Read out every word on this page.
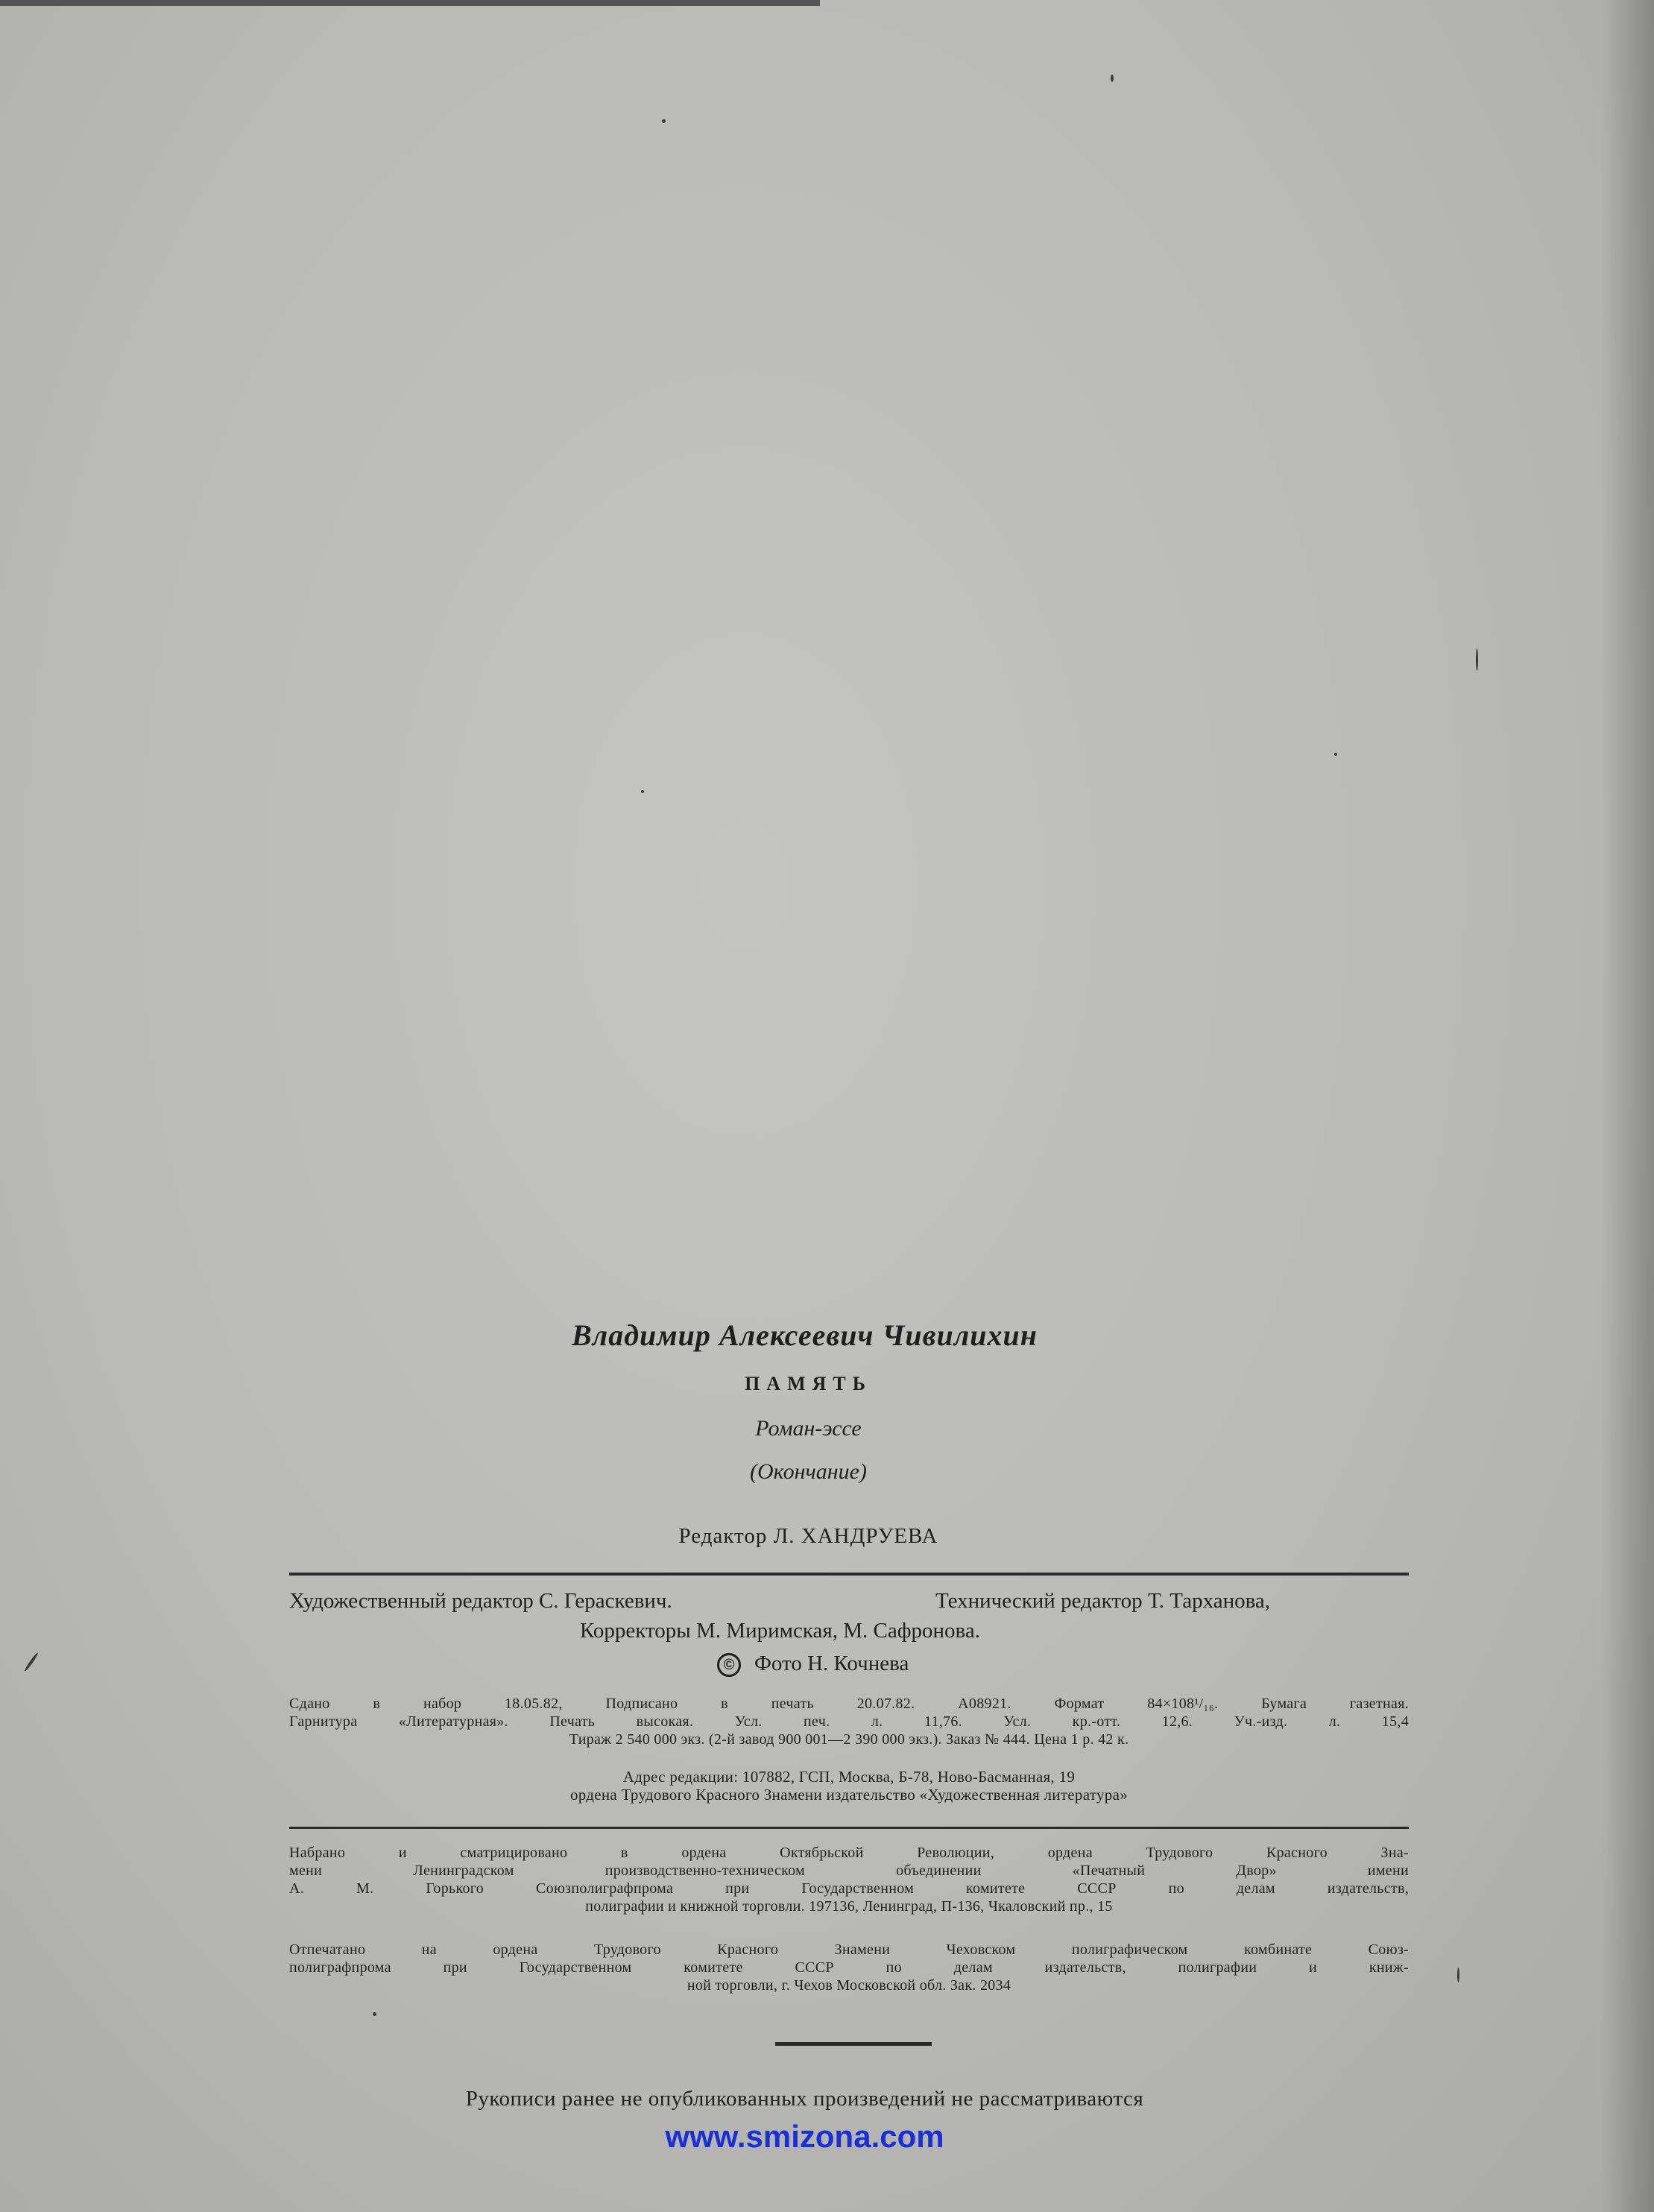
Владимир Алексеевич Чивилихин
ПАМЯТЬ
Роман-эссе
(Окончание)
Редактор Л. ХАНДРУЕВА
Художественный редактор С. Гераскевич.	Технический редактор Т. Тарханова,
Корректоры М. Миримская, М. Сафронова.
© Фото Н. Кочнева
Сдано в набор 18.05.82, Подписано в печать 20.07.82. А08921. Формат 84×108¹/₁₆. Бумага газетная.
Гарнитура «Литературная». Печать высокая. Усл. печ. л. 11,76. Усл. кр.-отт. 12,6. Уч.-изд. л. 15,4
Тираж 2 540 000 экз. (2-й завод 900 001—2 390 000 экз.). Заказ № 444. Цена 1 р. 42 к.
Адрес редакции: 107882, ГСП, Москва, Б-78, Ново-Басманная, 19
ордена Трудового Красного Знамени издательство «Художественная литература»
Набрано и сматрицировано в ордена Октябрьской Революции, ордена Трудового Красного Зна-
мени Ленинградском производственно-техническом объединении «Печатный Двор» имени
А. М. Горького Союзполиграфпрома при Государственном комитете СССР по делам издательств,
полиграфии и книжной торговли. 197136, Ленинград, П-136, Чкаловский пр., 15
Отпечатано на ордена Трудового Красного Знамени Чеховском полиграфическом комбинате Союз-
полиграфпрома при Государственном комитете СССР по делам издательств, полиграфии и книж-
ной торговли, г. Чехов Московской обл. Зак. 2034
Рукописи ранее не опубликованных произведений не рассматриваются
www.smizona.com
